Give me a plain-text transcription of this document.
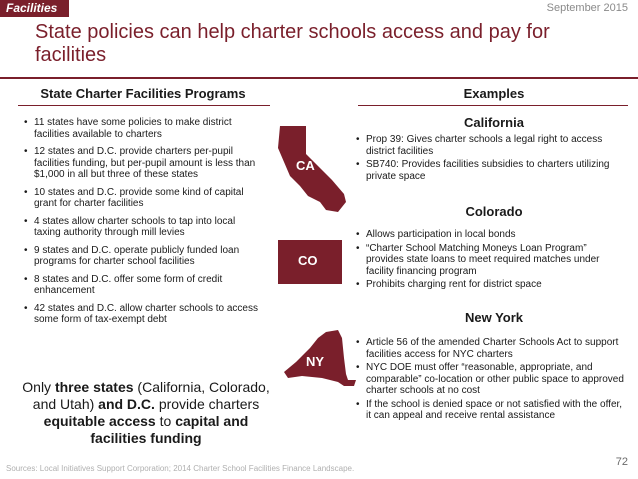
Facilities	September 2015
State policies can help charter schools access and pay for facilities
State Charter Facilities Programs	Examples
• 11 states have some policies to make district facilities available to charters
• 12 states and D.C. provide charters per-pupil facilities funding, but per-pupil amount is less than $1,000 in all but three of these states
• 10 states and D.C. provide some kind of capital grant for charter facilities
• 4 states allow charter schools to tap into local taxing authority through mill levies
• 9 states and D.C. operate publicly funded loan programs for charter school facilities
• 8 states and D.C. offer some form of credit enhancement
• 42 states and D.C. allow charter schools to access some form of tax-exempt debt
Only three states (California, Colorado, and Utah) and D.C. provide charters equitable access to capital and facilities funding
CA
CO
NY
California
• Prop 39: Gives charter schools a legal right to access district facilities
• SB740: Provides facilities subsidies to charters utilizing private space
Colorado
• Allows participation in local bonds
• “Charter School Matching Moneys Loan Program” provides state loans to meet required matches under facility financing program
• Prohibits charging rent for district space
New York
• Article 56 of the amended Charter Schools Act to support facilities access for NYC charters
• NYC DOE must offer “reasonable, appropriate, and comparable” co-location or other public space to approved charter schools at no cost
• If the school is denied space or not satisfied with the offer, it can appeal and receive rental assistance
Sources: Local Initiatives Support Corporation; 2014 Charter School Facilities Finance Landscape.
72
